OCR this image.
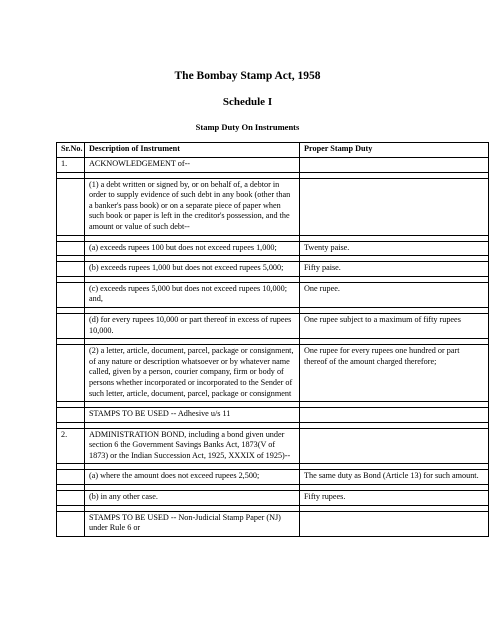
The Bombay Stamp Act, 1958
Schedule I
Stamp Duty On Instruments
Sr.No.	Description of Instrument	Proper Stamp Duty
1.	ACKNOWLEDGEMENT of--	

	(1) a debt written or signed by, or on behalf of, a debtor in order to supply evidence of such debt in any book (other than a banker's pass book) or on a separate piece of paper when such book or paper is left in the creditor's possession, and the amount or value of such debt--	

	(a) exceeds rupees 100 but does not exceed rupees 1,000;	Twenty paise.

	(b) exceeds rupees 1,000 but does not exceed rupees 5,000;	Fifty paise.

	(c) exceeds rupees 5,000 but does not exceed rupees 10,000; and,	One rupee.

	(d) for every rupees 10,000 or part thereof in excess of rupees 10,000.	One rupee subject to a maximum of fifty rupees

	(2) a letter, article, document, parcel, package or consignment, of any nature or description whatsoever or by whatever name called, given by a person, courier company, firm or body of persons whether incorporated or incorporated to the Sender of such letter, article, document, parcel, package or consignment	One rupee for every rupees one hundred or part thereof of the amount charged therefore;

	STAMPS TO BE USED -- Adhesive u/s 11	

2.	ADMINISTRATION BOND, including a bond given under section 6 the Government Savings Banks Act, 1873(V of 1873) or the Indian Succession Act, 1925, XXXIX of 1925)--	

	(a) where the amount does not exceed rupees 2,500;	The same duty as Bond (Article 13) for such amount.

	(b) in any other case.	Fifty rupees.

	STAMPS TO BE USED -- Non-Judicial Stamp Paper (NJ) under Rule 6 or	
